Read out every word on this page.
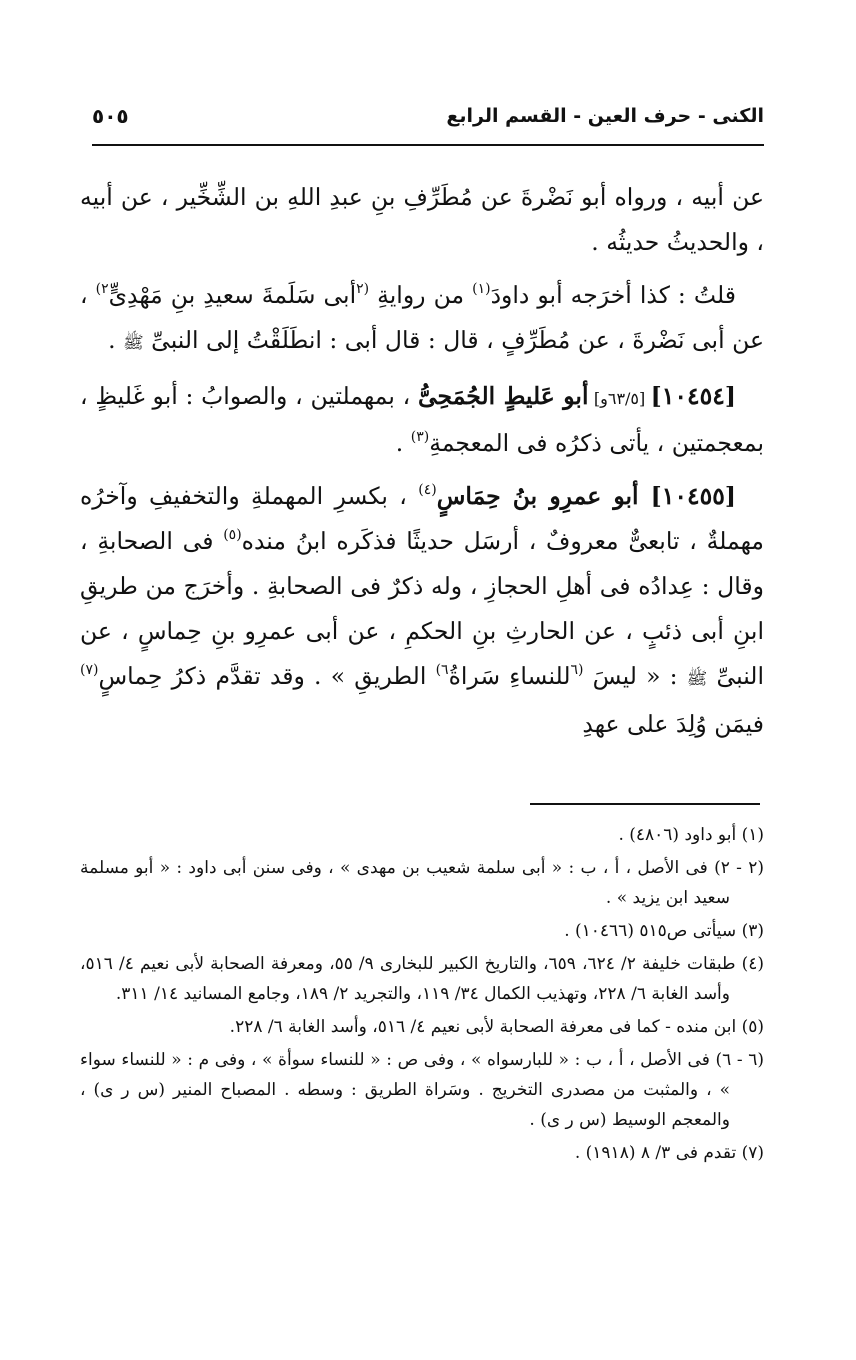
الكنى - حرف العين - القسم الرابع
٥٠٥

عن أبيه ، ورواه أبو نَضْرةَ عن مُطَرِّفِ بنِ عبدِ اللهِ بن الشِّخِّير ، عن أبيه ، والحديثُ حديثُه .

قلتُ : كذا أخرَجه أبو داودَ$^{(١)}$ من روايةِ $^{(٢}$أبى سَلَمةَ سعيدِ بنِ مَهْدِىٍّ$^{٢)}$ ، عن أبى نَضْرةَ ، عن مُطَرِّفٍ ، قال : قال أبى : انطَلَقْتُ إلى النبىِّ ﷺ .

[١٠٤٥٤] [٦٣/٥و] أبو عَليطٍ الجُمَحِىُّ ، بمهملتين ، والصوابُ : أبو غَليظٍ ، بمعجمتين ، يأتى ذكرُه فى المعجمةِ$^{(٣)}$ .

[١٠٤٥٥] أبو عمرِو بنُ حِمَاسٍ$^{(٤)}$ ، بكسرِ المهملةِ والتخفيفِ وآخرُه مهملةٌ ، تابعىٌّ معروفٌ ، أرسَل حديثًا فذكَره ابنُ منده$^{(٥)}$ فى الصحابةِ ، وقال : عِدادُه فى أهلِ الحجازِ ، وله ذكرٌ فى الصحابةِ . وأخرَج من طريقِ ابنِ أبى ذئبٍ ، عن الحارثِ بنِ الحكمِ ، عن أبى عمرِو بنِ حِماسٍ ، عن النبىِّ ﷺ : « ليسَ $^{(٦}$للنساءِ سَراةُ$^{٦)}$ الطريقِ » . وقد تقدَّم ذكرُ حِماسٍ$^{(٧)}$ فيمَن وُلِدَ على عهدِ

(١) أبو داود (٤٨٠٦) .

(٢ - ٢) فى الأصل ، أ ، ب : « أبى سلمة شعيب بن مهدى » ، وفى سنن أبى داود : « أبو مسلمة سعيد ابن يزيد » .

(٣) سيأتى ص٥١٥ (١٠٤٦٦) .

(٤) طبقات خليفة ٢/ ٦٢٤، ٦٥٩، والتاريخ الكبير للبخارى ٩/ ٥٥، ومعرفة الصحابة لأبى نعيم ٤/ ٥١٦، وأسد الغابة ٦/ ٢٢٨، وتهذيب الكمال ٣٤/ ١١٩، والتجريد ٢/ ١٨٩، وجامع المسانيد ١٤/ ٣١١.

(٥) ابن منده - كما فى معرفة الصحابة لأبى نعيم ٤/ ٥١٦، وأسد الغابة ٦/ ٢٢٨.

(٦ - ٦) فى الأصل ، أ ، ب : « للبارسواه » ، وفى ص : « للنساء سوأة » ، وفى م : « للنساء سواء » ، والمثبت من مصدرى التخريج . وسَراة الطريق : وسطه . المصباح المنير (س ر ى) ، والمعجم الوسيط (س ر ى) .

(٧) تقدم فى ٣/ ٨ (١٩١٨) .
